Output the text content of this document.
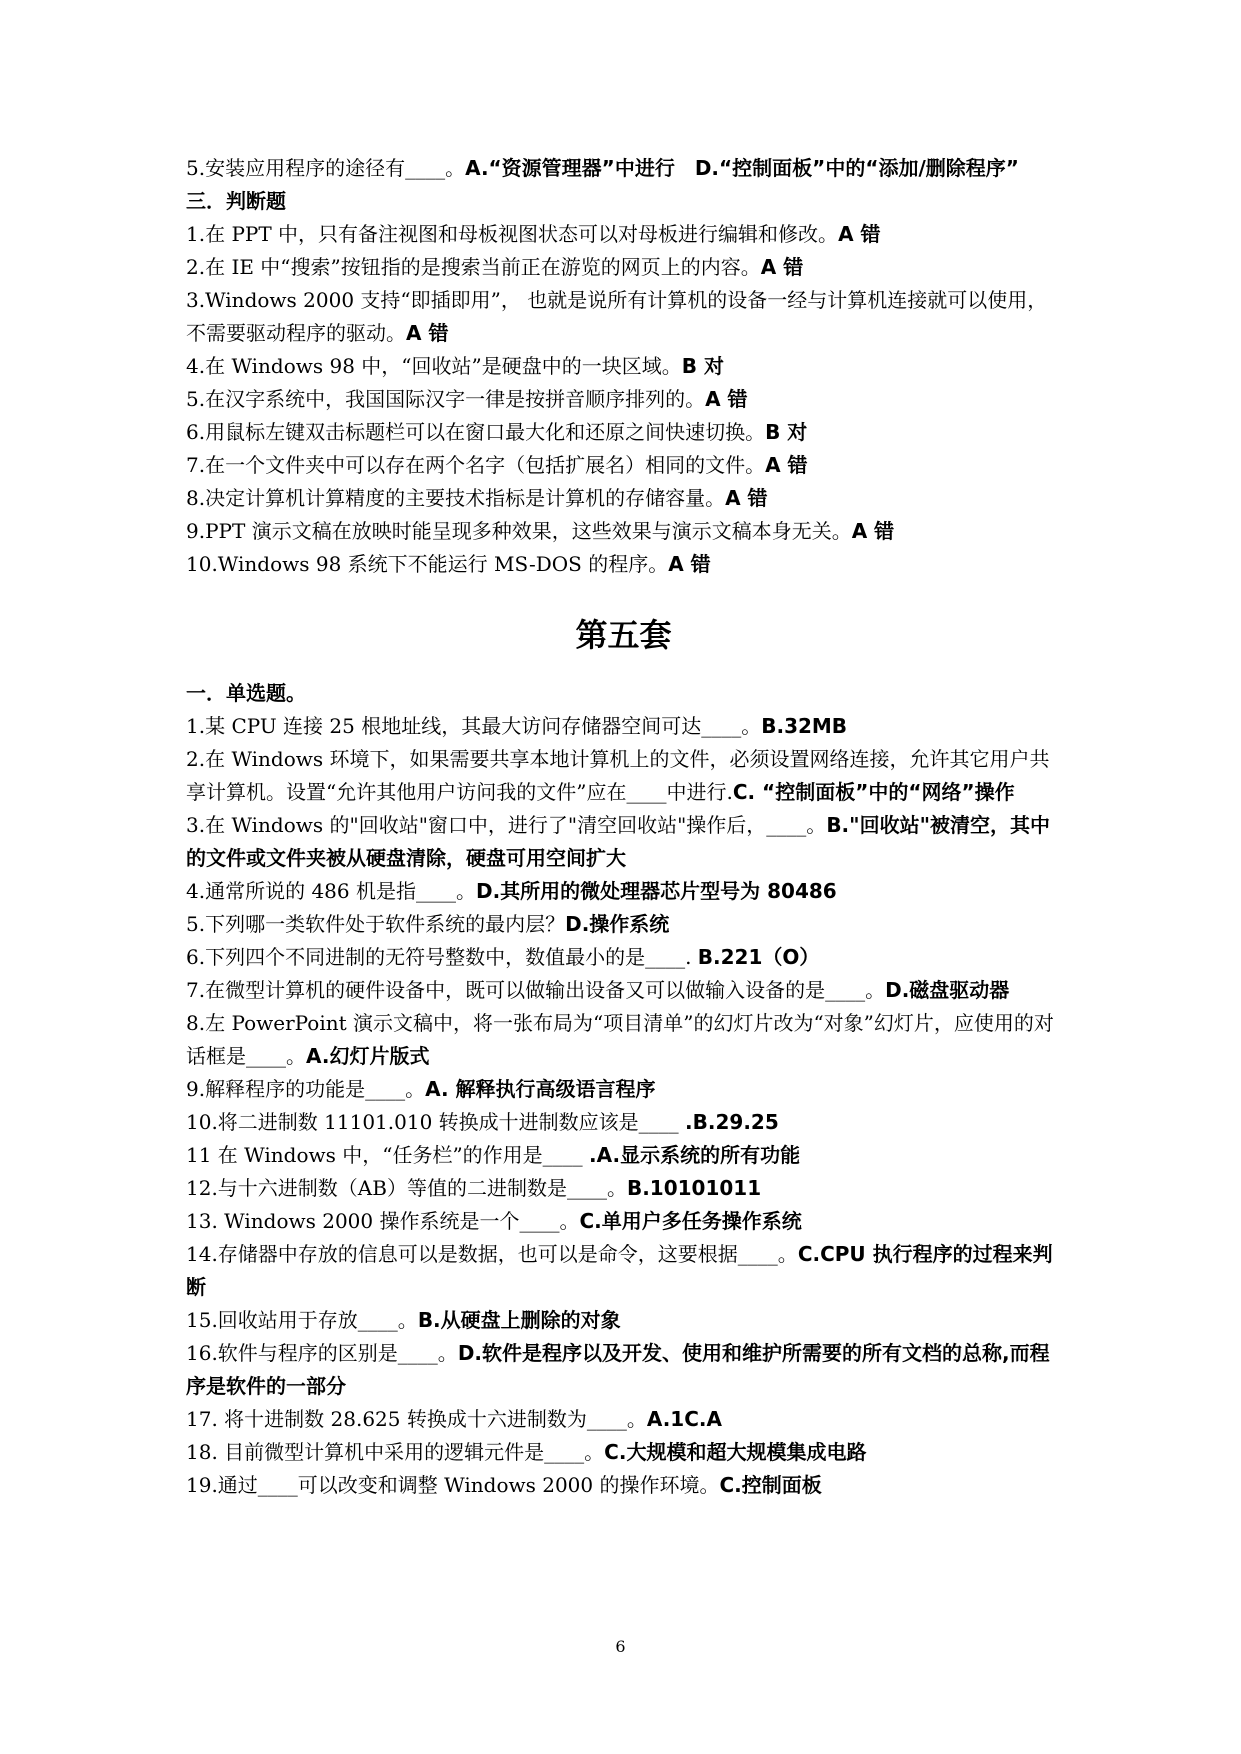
5.安装应用程序的途径有____。A.“资源管理器”中进行　D.“控制面板”中的“添加/删除程序”
三．判断题
1.在 PPT 中，只有备注视图和母板视图状态可以对母板进行编辑和修改。A 错
2.在 IE 中“搜索”按钮指的是搜索当前正在游览的网页上的内容。A 错
3.Windows 2000 支持“即插即用”， 也就是说所有计算机的设备一经与计算机连接就可以使用，不需要驱动程序的驱动。A 错
4.在 Windows 98 中，“回收站”是硬盘中的一块区域。B 对
5.在汉字系统中，我国国际汉字一律是按拼音顺序排列的。A 错
6.用鼠标左键双击标题栏可以在窗口最大化和还原之间快速切换。B 对
7.在一个文件夹中可以存在两个名字（包括扩展名）相同的文件。A 错
8.决定计算机计算精度的主要技术指标是计算机的存储容量。A 错
9.PPT 演示文稿在放映时能呈现多种效果，这些效果与演示文稿本身无关。A 错
10.Windows 98 系统下不能运行 MS-DOS 的程序。A 错
第五套
一．单选题。
1.某 CPU 连接 25 根地址线，其最大访问存储器空间可达____。B.32MB
2.在 Windows 环境下，如果需要共享本地计算机上的文件，必须设置网络连接，允许其它用户共享计算机。设置“允许其他用户访问我的文件”应在____中进行.C. “控制面板”中的“网络”操作
3.在 Windows 的"回收站"窗口中，进行了"清空回收站"操作后，____。B."回收站"被清空，其中的文件或文件夹被从硬盘清除，硬盘可用空间扩大
4.通常所说的 486 机是指____。D.其所用的微处理器芯片型号为 80486
5.下列哪一类软件处于软件系统的最内层？D.操作系统
6.下列四个不同进制的无符号整数中，数值最小的是____. B.221（O）
7.在微型计算机的硬件设备中，既可以做输出设备又可以做输入设备的是____。D.磁盘驱动器
8.左 PowerPoint 演示文稿中，将一张布局为“项目清单”的幻灯片改为“对象”幻灯片，应使用的对话框是____。A.幻灯片版式
9.解释程序的功能是____。A. 解释执行高级语言程序
10.将二进制数 11101.010 转换成十进制数应该是____ .B.29.25
11 在 Windows 中，“任务栏”的作用是____ .A.显示系统的所有功能
12.与十六进制数（AB）等值的二进制数是____。B.10101011
13. Windows 2000 操作系统是一个____。C.单用户多任务操作系统
14.存储器中存放的信息可以是数据，也可以是命令，这要根据____。C.CPU 执行程序的过程来判断
15.回收站用于存放____。B.从硬盘上删除的对象
16.软件与程序的区别是____。D.软件是程序以及开发、使用和维护所需要的所有文档的总称,而程序是软件的一部分
17. 将十进制数 28.625 转换成十六进制数为____。A.1C.A
18. 目前微型计算机中采用的逻辑元件是____。C.大规模和超大规模集成电路
19.通过____可以改变和调整 Windows 2000 的操作环境。C.控制面板
6
